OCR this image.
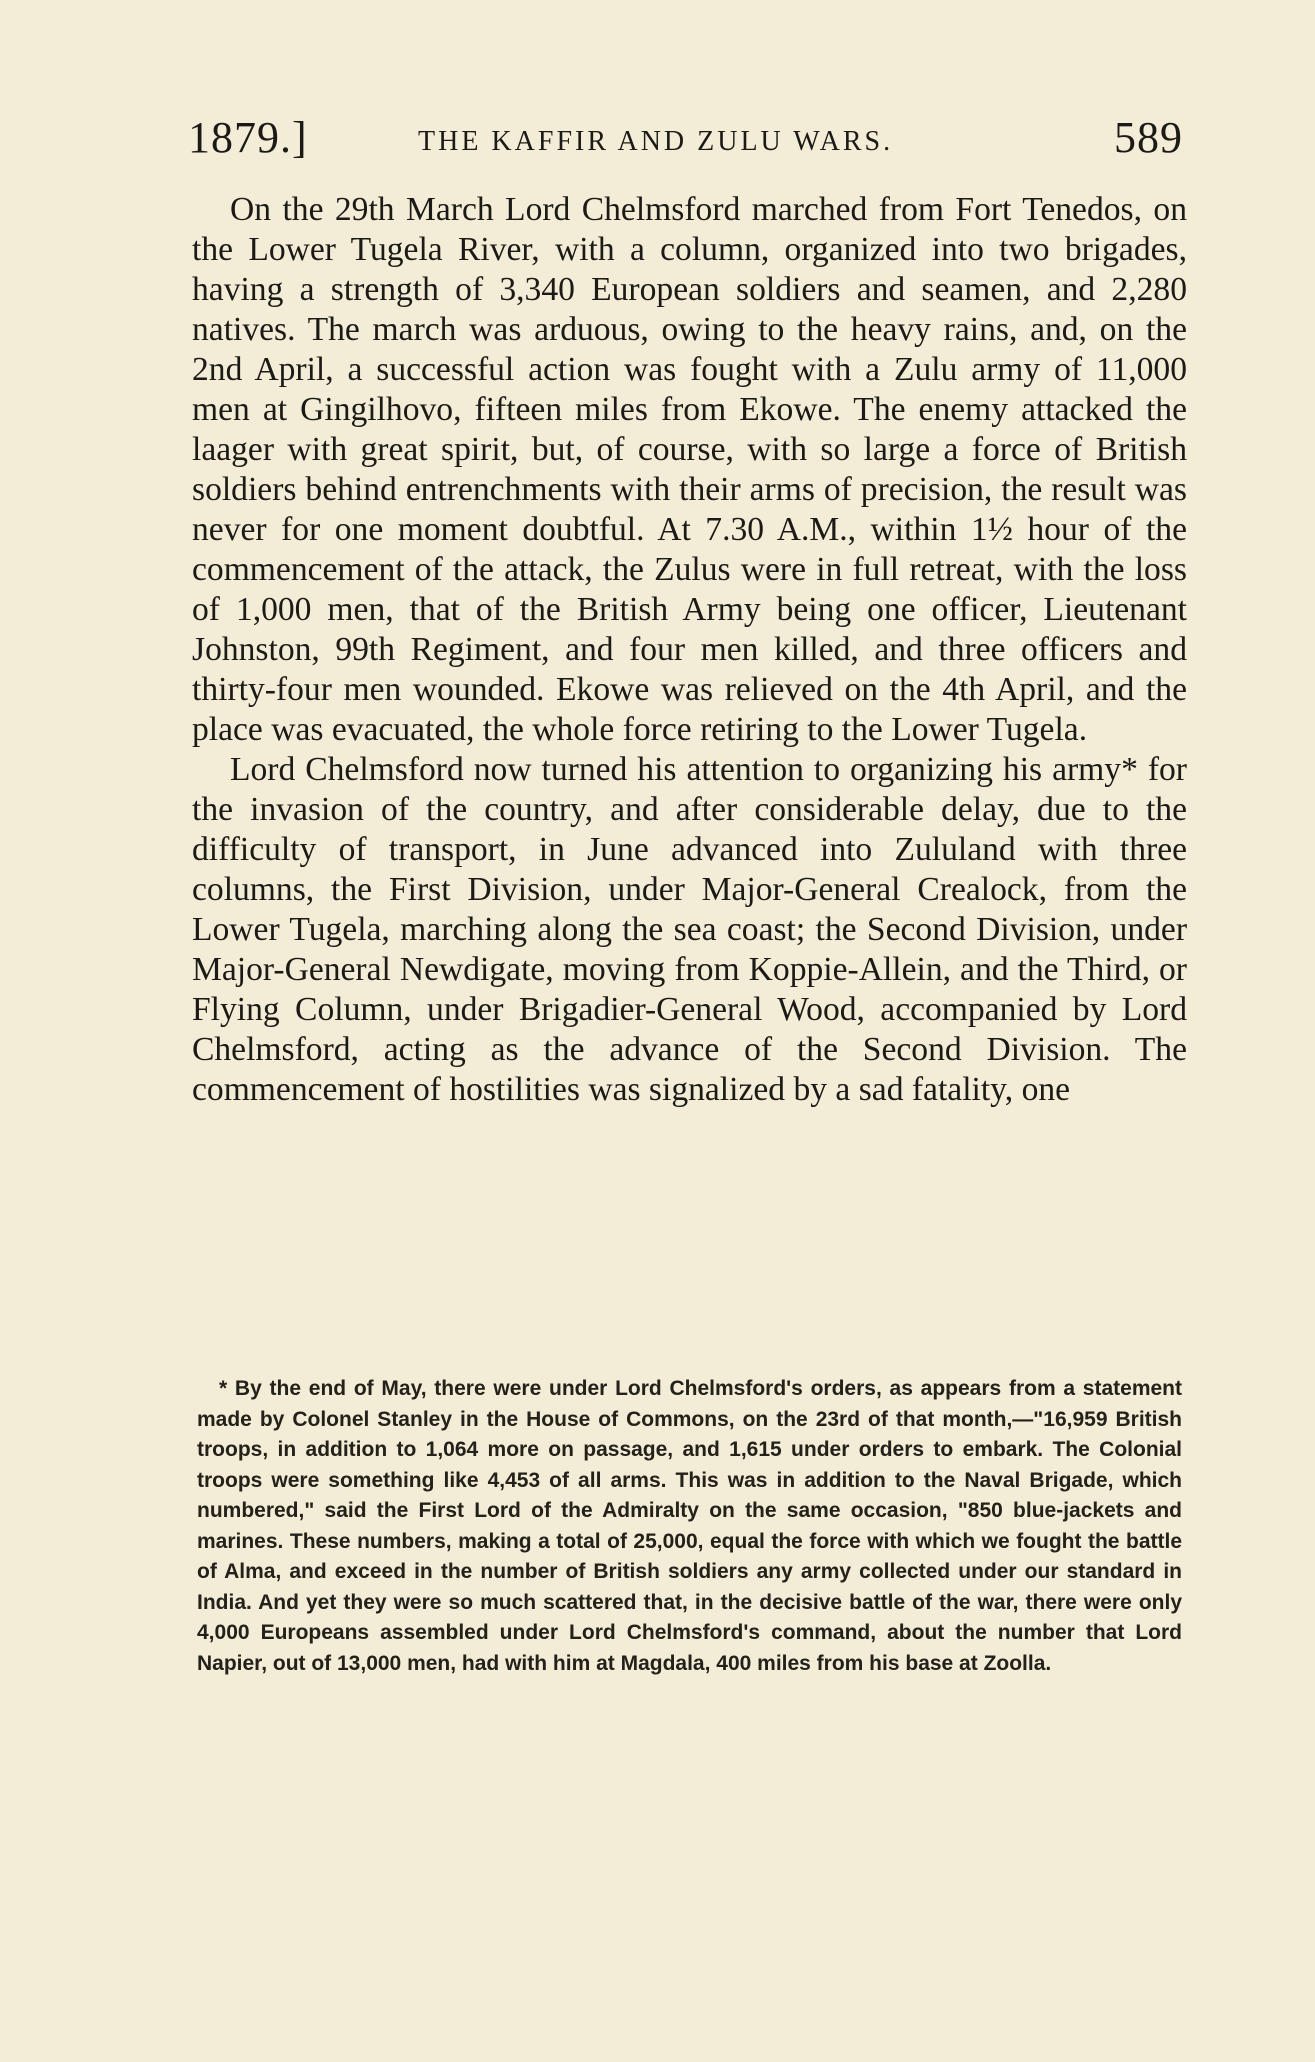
1879.]	THE KAFFIR AND ZULU WARS.	589

On the 29th March Lord Chelmsford marched from Fort Tenedos, on the Lower Tugela River, with a column, organized into two brigades, having a strength of 3,340 European soldiers and seamen, and 2,280 natives. The march was arduous, owing to the heavy rains, and, on the 2nd April, a successful action was fought with a Zulu army of 11,000 men at Gingilhovo, fifteen miles from Ekowe. The enemy attacked the laager with great spirit, but, of course, with so large a force of British soldiers behind entrenchments with their arms of precision, the result was never for one moment doubtful. At 7.30 A.M., within 1½ hour of the commencement of the attack, the Zulus were in full retreat, with the loss of 1,000 men, that of the British Army being one officer, Lieutenant Johnston, 99th Regiment, and four men killed, and three officers and thirty-four men wounded. Ekowe was relieved on the 4th April, and the place was evacuated, the whole force retiring to the Lower Tugela.

Lord Chelmsford now turned his attention to organizing his army* for the invasion of the country, and after considerable delay, due to the difficulty of transport, in June advanced into Zululand with three columns, the First Division, under Major-General Crealock, from the Lower Tugela, marching along the sea coast; the Second Division, under Major-General Newdigate, moving from Koppie-Allein, and the Third, or Flying Column, under Brigadier-General Wood, accompanied by Lord Chelmsford, acting as the advance of the Second Division. The commencement of hostilities was signalized by a sad fatality, one

* By the end of May, there were under Lord Chelmsford's orders, as appears from a statement made by Colonel Stanley in the House of Commons, on the 23rd of that month,—"16,959 British troops, in addition to 1,064 more on passage, and 1,615 under orders to embark. The Colonial troops were something like 4,453 of all arms. This was in addition to the Naval Brigade, which numbered," said the First Lord of the Admiralty on the same occasion, "850 blue-jackets and marines. These numbers, making a total of 25,000, equal the force with which we fought the battle of Alma, and exceed in the number of British soldiers any army collected under our standard in India. And yet they were so much scattered that, in the decisive battle of the war, there were only 4,000 Europeans assembled under Lord Chelmsford's command, about the number that Lord Napier, out of 13,000 men, had with him at Magdala, 400 miles from his base at Zoolla.
